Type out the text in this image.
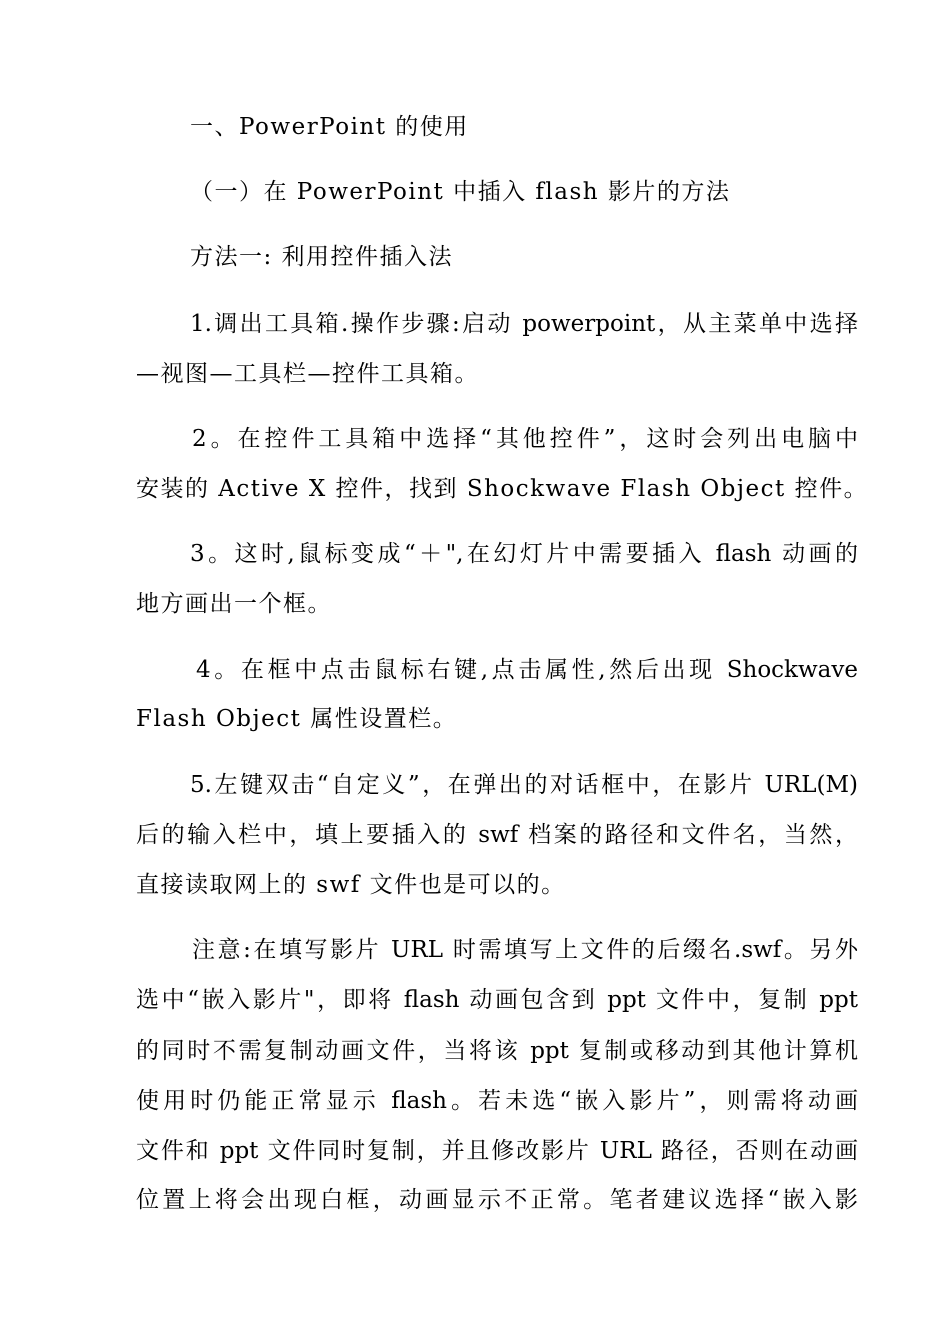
一、PowerPoint 的使用
（一）在 PowerPoint 中插入 flash 影片的方法
方法一: 利用控件插入法
1.调出工具箱.操作步骤:启动 powerpoint，从主菜单中选择
—视图—工具栏—控件工具箱。
2。在控件工具箱中选择“其他控件”，这时会列出电脑中
安装的 Active X 控件，找到 Shockwave Flash Object 控件。
3。这时,鼠标变成“＋",在幻灯片中需要插入 flash 动画的
地方画出一个框。
4。在框中点击鼠标右键,点击属性,然后出现 Shockwave
Flash Object 属性设置栏。
5.左键双击“自定义”，在弹出的对话框中，在影片 URL(M)
后的输入栏中，填上要插入的 swf 档案的路径和文件名，当然，
直接读取网上的 swf 文件也是可以的。
注意:在填写影片 URL 时需填写上文件的后缀名.swf。另外
选中“嵌入影片"，即将 flash 动画包含到 ppt 文件中，复制 ppt
的同时不需复制动画文件，当将该 ppt 复制或移动到其他计算机
使用时仍能正常显示 flash。若未选“嵌入影片”，则需将动画
文件和 ppt 文件同时复制，并且修改影片 URL 路径，否则在动画
位置上将会出现白框，动画显示不正常。笔者建议选择“嵌入影
